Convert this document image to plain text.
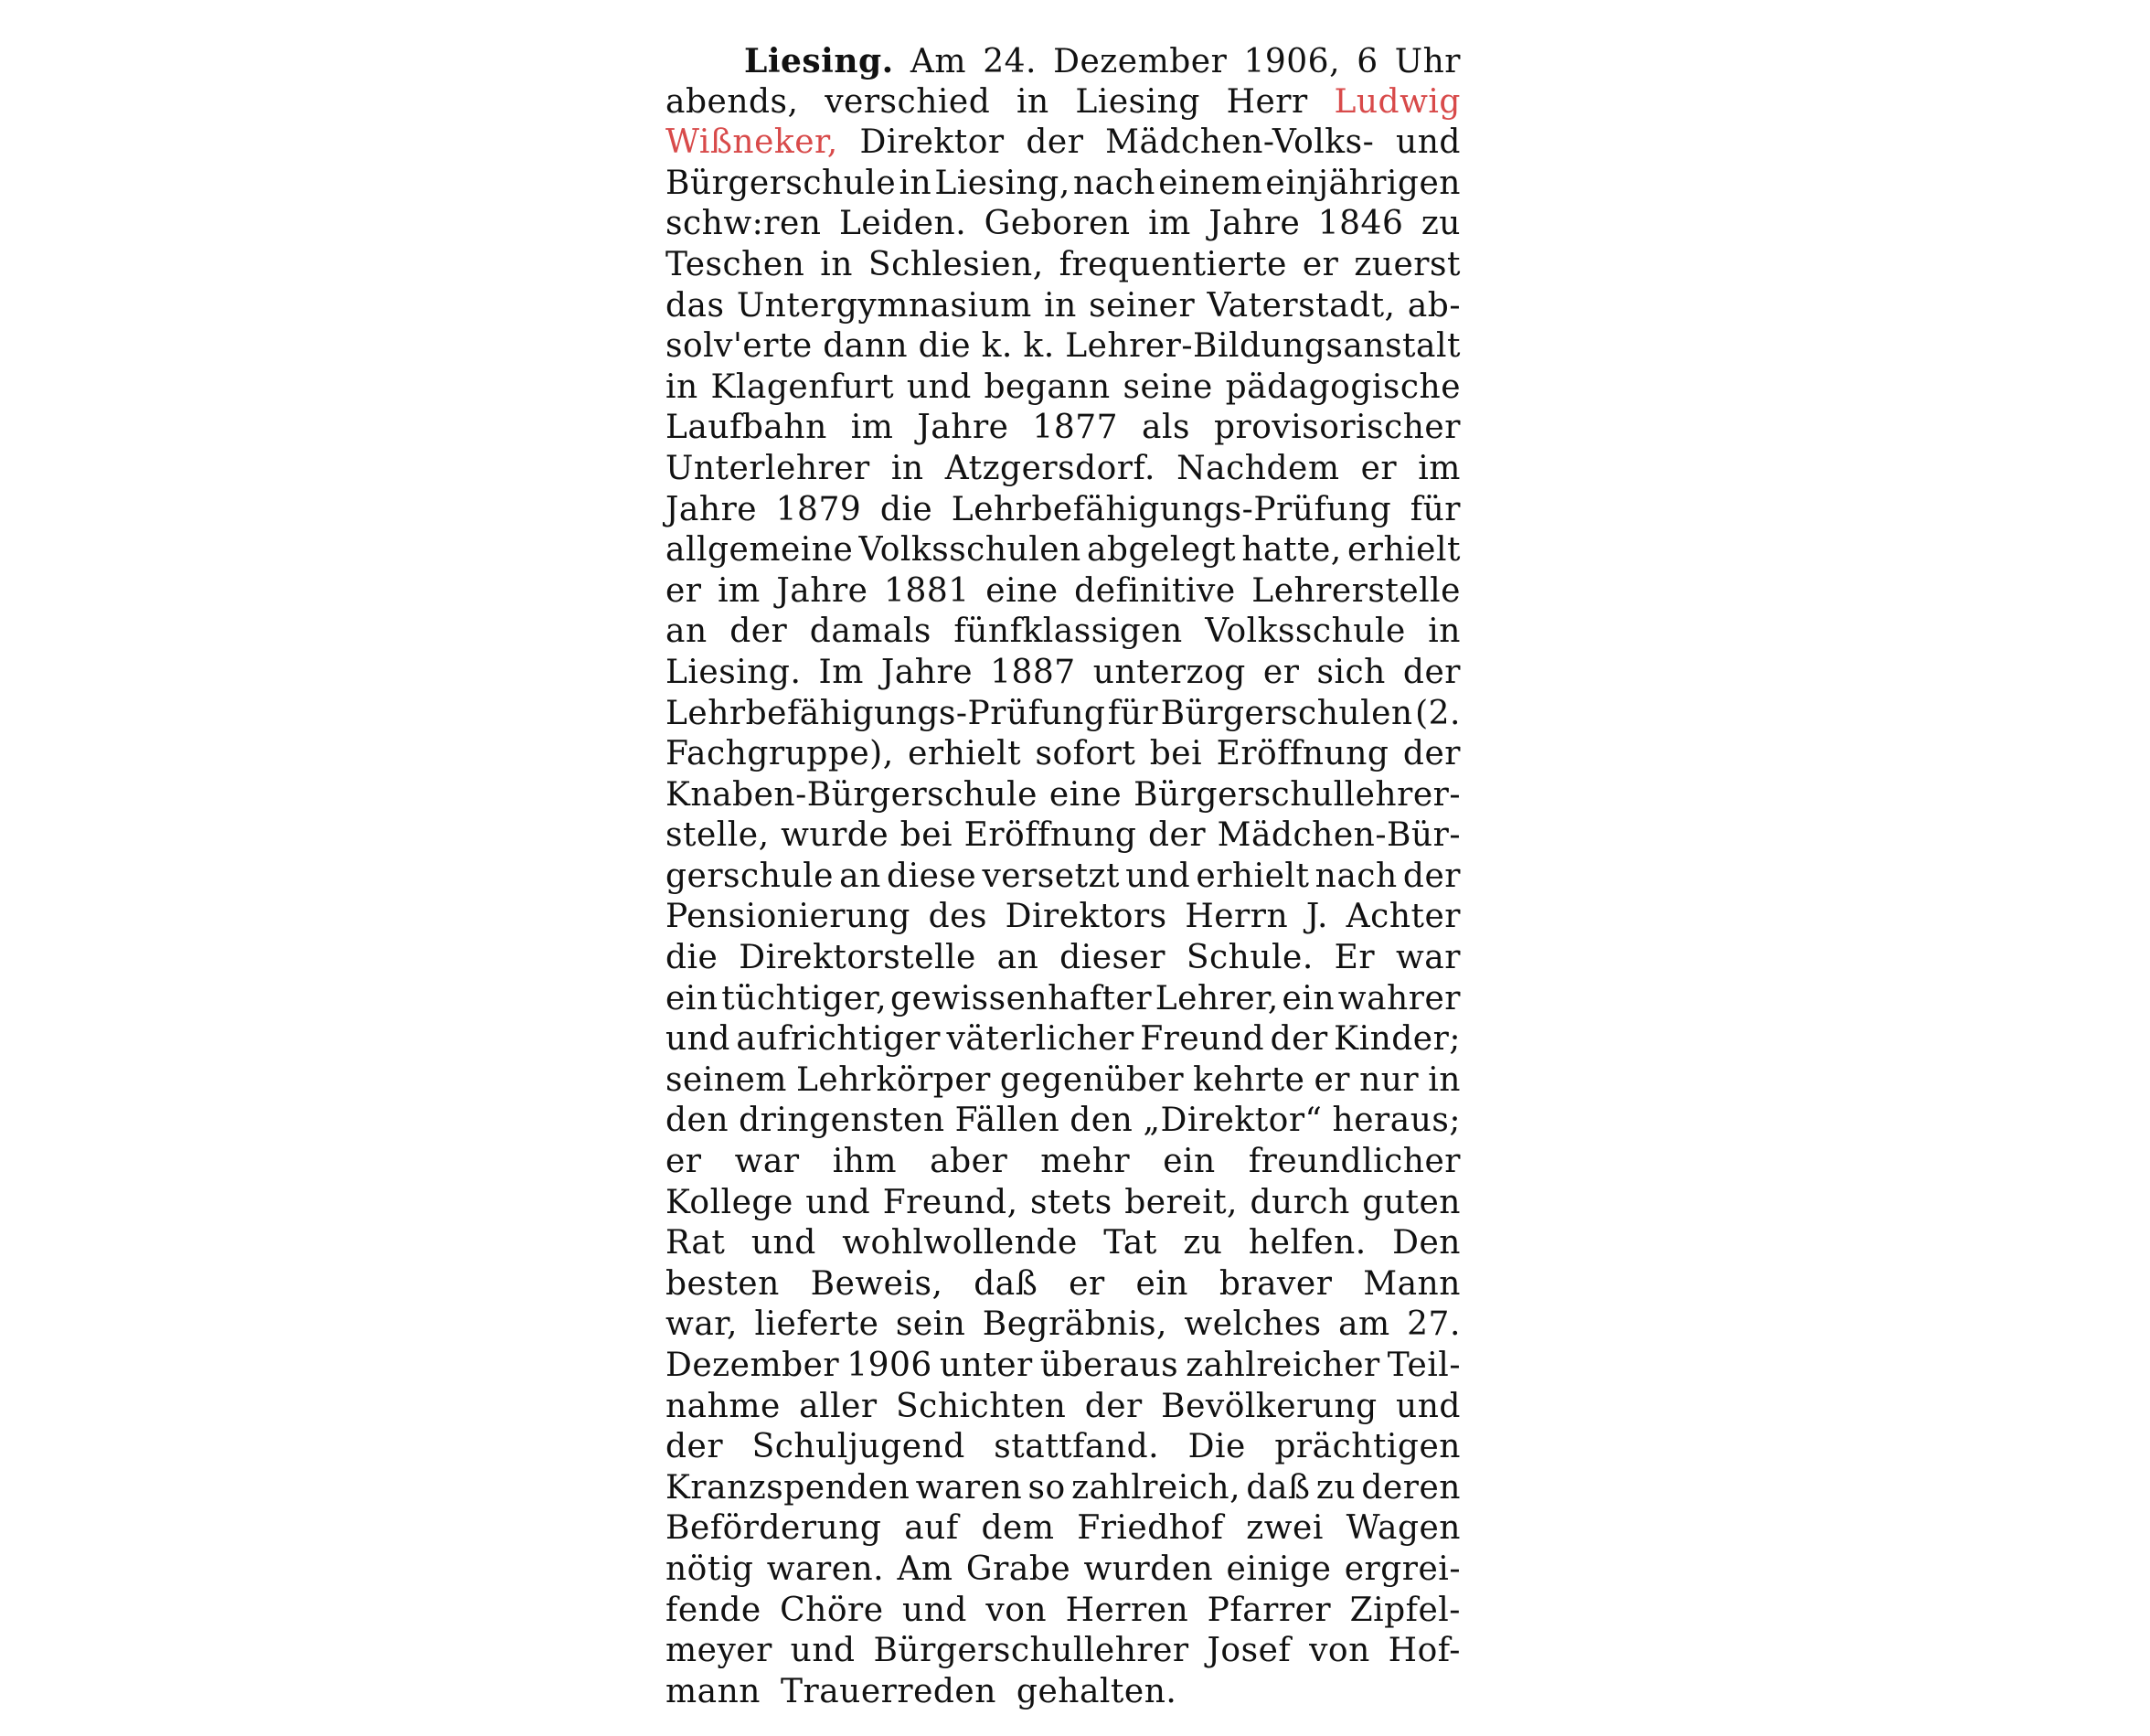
Liesing. Am 24. Dezember 1906, 6 Uhr
abends, verschied in Liesing Herr Ludwig
Wißneker, Direktor der Mädchen-Volks- und
Bürgerschule in Liesing, nach einem einjährigen
schw:ren Leiden. Geboren im Jahre 1846 zu
Teschen in Schlesien, frequentierte er zuerst
das Untergymnasium in seiner Vaterstadt, ab-
solv'erte dann die k. k. Lehrer-Bildungsanstalt
in Klagenfurt und begann seine pädagogische
Laufbahn im Jahre 1877 als provisorischer
Unterlehrer in Atzgersdorf. Nachdem er im
Jahre 1879 die Lehrbefähigungs-Prüfung für
allgemeine Volksschulen abgelegt hatte, erhielt
er im Jahre 1881 eine definitive Lehrerstelle
an der damals fünfklassigen Volksschule in
Liesing. Im Jahre 1887 unterzog er sich der
Lehrbefähigungs-Prüfung für Bürgerschulen (2.
Fachgruppe), erhielt sofort bei Eröffnung der
Knaben-Bürgerschule eine Bürgerschullehrer-
stelle, wurde bei Eröffnung der Mädchen-Bür-
gerschule an diese versetzt und erhielt nach der
Pensionierung des Direktors Herrn J. Achter
die Direktorstelle an dieser Schule. Er war
ein tüchtiger, gewissenhafter Lehrer, ein wahrer
und aufrichtiger väterlicher Freund der Kinder;
seinem Lehrkörper gegenüber kehrte er nur in
den dringensten Fällen den „Direktor“ heraus;
er war ihm aber mehr ein freundlicher
Kollege und Freund, stets bereit, durch guten
Rat und wohlwollende Tat zu helfen. Den
besten Beweis, daß er ein braver Mann
war, lieferte sein Begräbnis, welches am 27.
Dezember 1906 unter überaus zahlreicher Teil-
nahme aller Schichten der Bevölkerung und
der Schuljugend stattfand. Die prächtigen
Kranzspenden waren so zahlreich, daß zu deren
Beförderung auf dem Friedhof zwei Wagen
nötig waren. Am Grabe wurden einige ergrei-
fende Chöre und von Herren Pfarrer Zipfel-
meyer und Bürgerschullehrer Josef von Hof-
mann Trauerreden gehalten.
